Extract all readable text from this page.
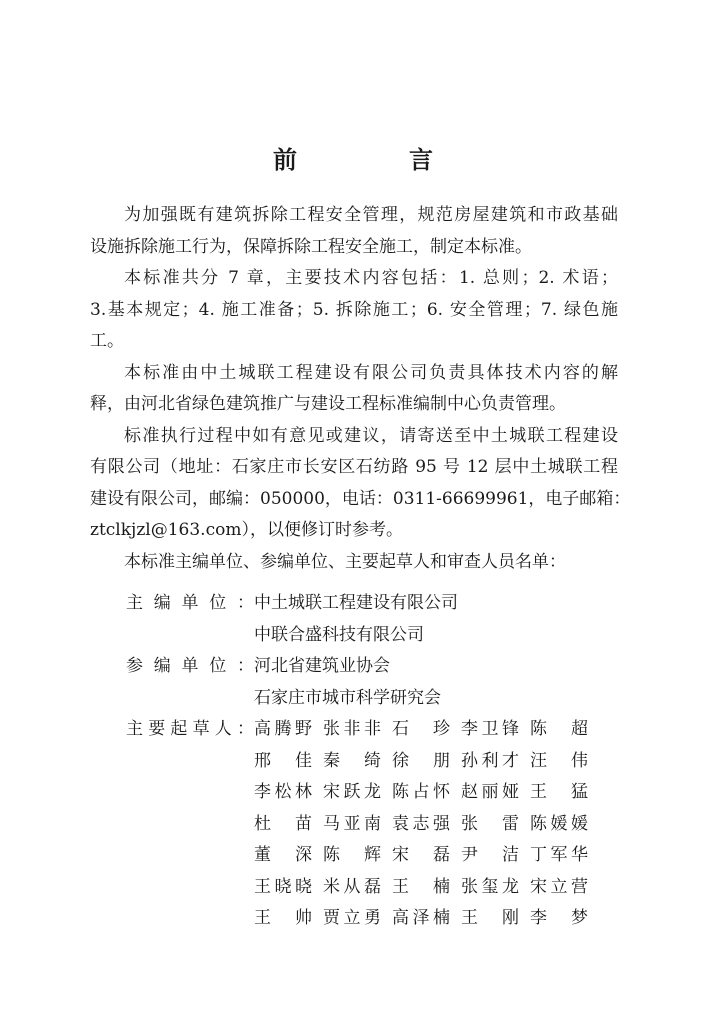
前　言
为加强既有建筑拆除工程安全管理，规范房屋建筑和市政基础
设施拆除施工行为，保障拆除工程安全施工，制定本标准。
本标准共分 7 章，主要技术内容包括：1. 总则；2. 术语；
3.基本规定；4. 施工准备；5. 拆除施工；6. 安全管理；7. 绿色施
工。
本标准由中土城联工程建设有限公司负责具体技术内容的解
释，由河北省绿色建筑推广与建设工程标准编制中心负责管理。
标准执行过程中如有意见或建议，请寄送至中土城联工程建设
有限公司（地址：石家庄市长安区石纺路 95 号 12 层中土城联工程
建设有限公司，邮编：050000，电话：0311-66699961，电子邮箱：
ztclkjzl@163.com），以便修订时参考。
本标准主编单位、参编单位、主要起草人和审查人员名单：
主 编 单 位 ： 中土城联工程建设有限公司
中联合盛科技有限公司
参 编 单 位 ： 河北省建筑业协会
石家庄市城市科学研究会
主 要 起 草 人 ： 高腾野 张非非 石珍 李卫锋 陈超
邢佳 秦绮 徐朋 孙利才 汪伟
李松林 宋跃龙 陈占怀 赵丽娅 王猛
杜苗 马亚南 袁志强 张雷 陈媛媛
董深 陈辉 宋磊 尹洁 丁军华
王晓晓 米从磊 王楠 张玺龙 宋立营
王帅 贾立勇 高泽楠 王刚 李梦
